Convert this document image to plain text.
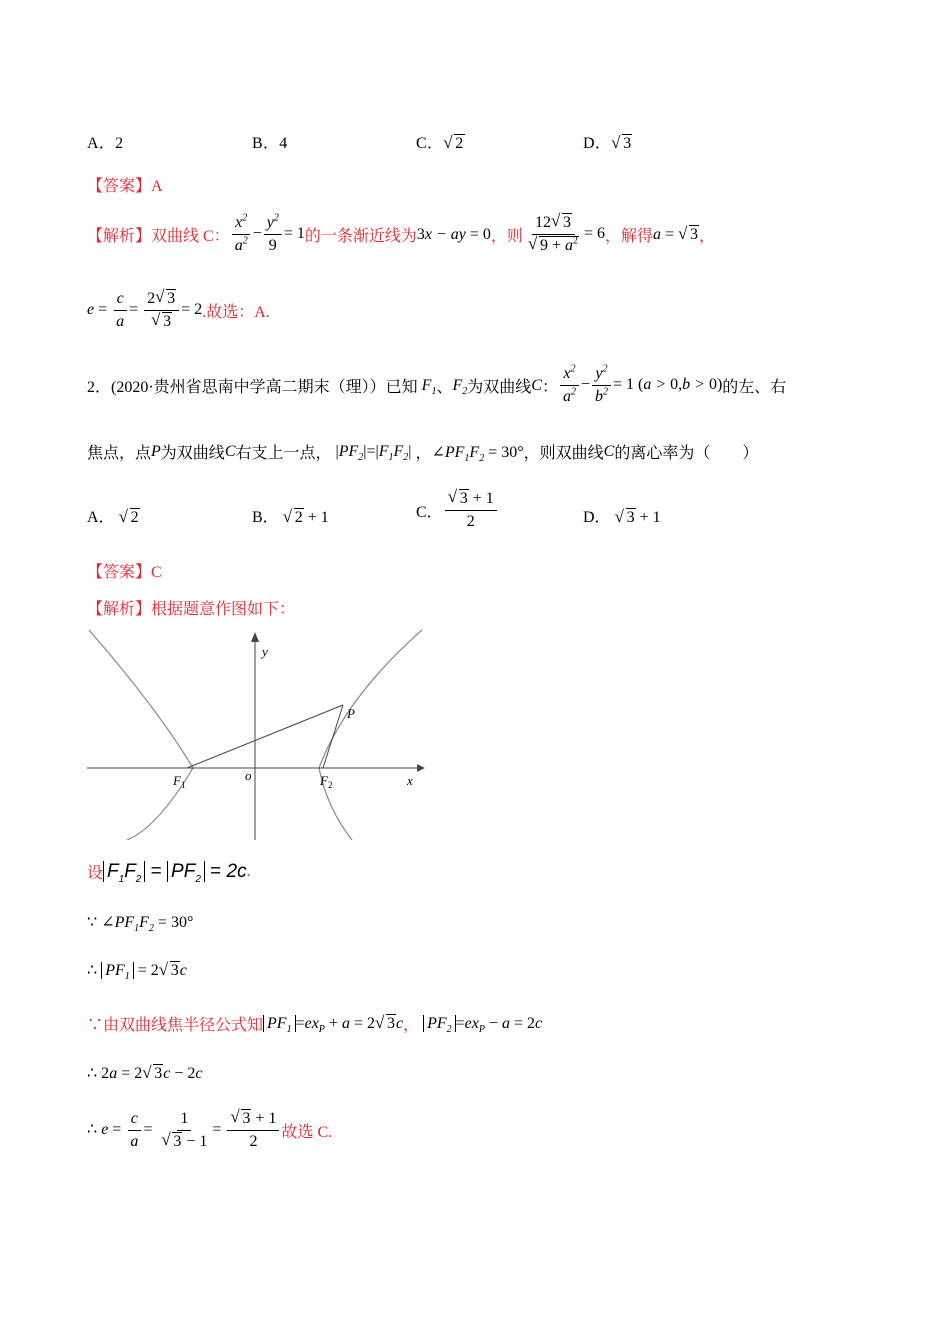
A．2	B．4	C．√ 2	D．√ 3
【答案】A
【解析】 双曲线 C： $\frac{x^2}{a^2} - \frac{y^2}{9} = 1$ 的一条渐近线为 3x − ay = 0 ，则 12√ 3
√ $9 + a^2 = 6$ ，解得 a = √ 3 ，
$e = \frac{c}{a} = 2√$ 3
√ 3 = 2 .故选：A.
2．(2020·贵州省思南中学高二期末（理））已知 $F_1$ 、 $F_2$ 为双曲线 C ： $\frac{x^2}{a^2} - \frac{y^2}{b^2} = 1$ (a > 0,b > 0) 的左、右
焦点，点 P 为双曲线 C 右支上一点， $|PF_2|=|F_1F_2|$ ， $\angle PF_1F_2 = 30^\circ$ ，则双曲线 C 的离心率为（　　）
A． √ 2	B． √ 2 + 1	C．
√ $\frac{3 + 1}{2}$	D． √ 3 + 1
【答案】C
【解析】根据题意作图如下：
y
x
o
P
F 1	F 2
设 $F_1F_2 = PF_2 = 2c$ .
∵ $\angle PF_1F_2 = 30^\circ$
∴ $PF_1 = 2√$ 3c
∵由双曲线焦半径公式知 $PF_1 =ex_P + a = 2√$ 3c ，
$PF_2 =ex_P - a = 2c$
∴ 2a = 2√ 3c − 2c
∴ $e = \frac{c}{a} = 1$
√ 3 − 1 =
√ $\frac{3 + 1}{2}$ 故选 C.
